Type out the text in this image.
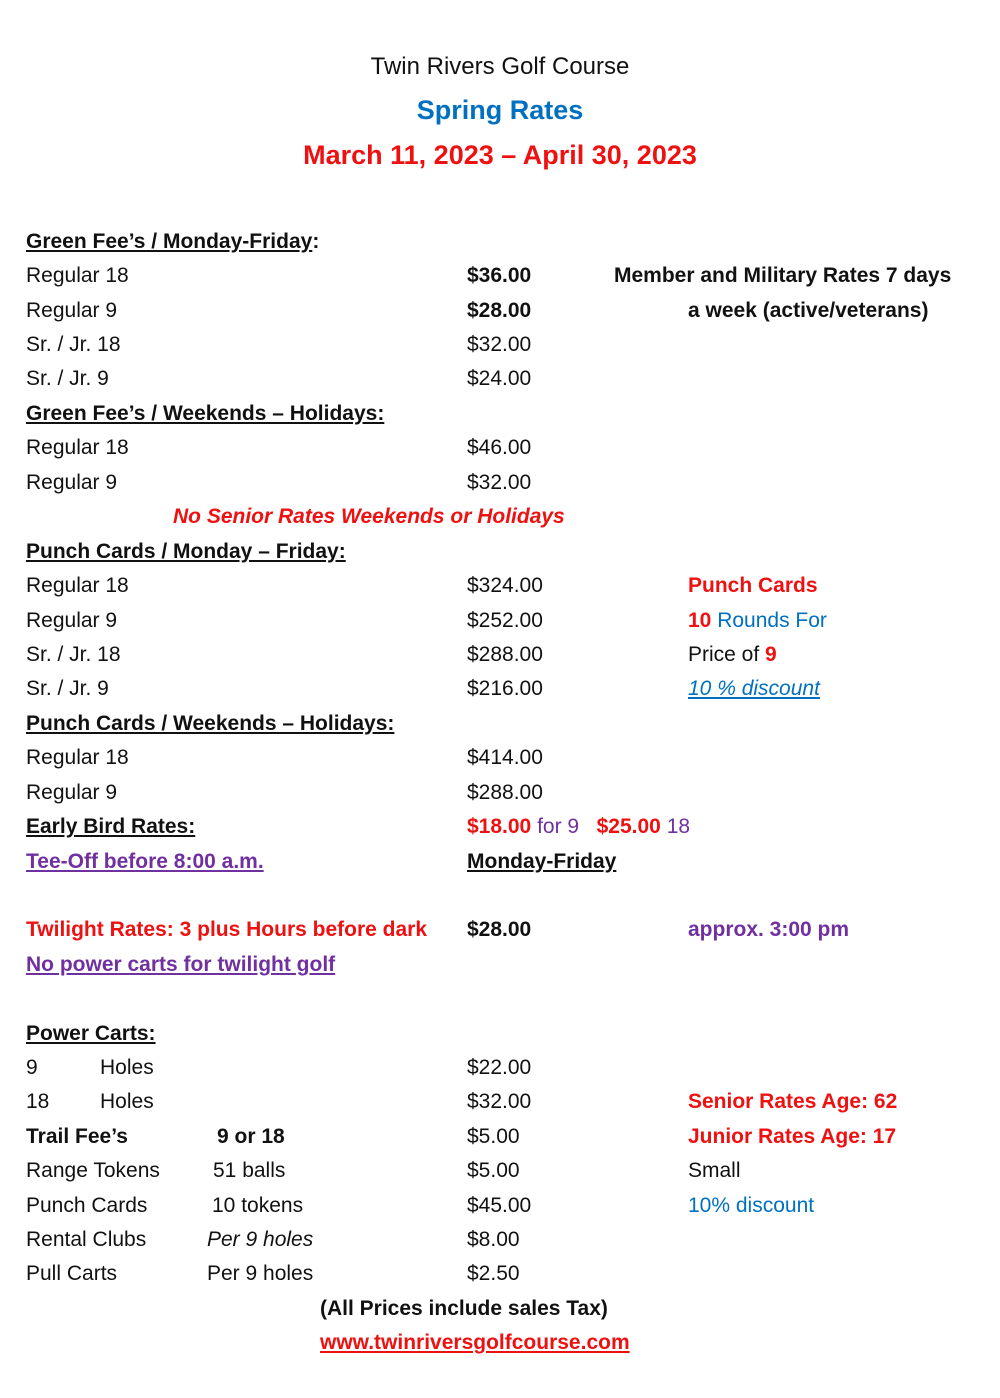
Twin Rivers Golf Course
Spring Rates
March 11, 2023 – April 30, 2023
Green Fee’s / Monday-Friday:
Regular 18	$36.00	Member and Military Rates 7 days
Regular 9	$28.00	a week (active/veterans)
Sr. / Jr. 18	$32.00
Sr. / Jr. 9	$24.00
Green Fee’s / Weekends – Holidays:
Regular 18	$46.00
Regular 9	$32.00
No Senior Rates Weekends or Holidays
Punch Cards / Monday – Friday:
Regular 18	$324.00	Punch Cards
Regular 9	$252.00	10 Rounds For
Sr. / Jr. 18	$288.00	Price of 9
Sr. / Jr. 9	$216.00	10 % discount
Punch Cards / Weekends – Holidays:
Regular 18	$414.00
Regular 9	$288.00
Early Bird Rates:	$18.00 for 9 $25.00 18
Tee-Off before 8:00 a.m.	Monday-Friday
Twilight Rates: 3 plus Hours before dark $28.00	approx. 3:00 pm
No power carts for twilight golf
Power Carts:
9	Holes	$22.00
18 Holes	$32.00	Senior Rates Age: 62
Trail Fee’s	9 or 18	$5.00	Junior Rates Age: 17
Range Tokens	51 balls	$5.00	Small
Punch Cards	10 tokens	$45.00	10% discount
Rental Clubs	Per 9 holes	$8.00
Pull Carts	Per 9 holes	$2.50
(All Prices include sales Tax)
www.twinriversgolfcourse.com
